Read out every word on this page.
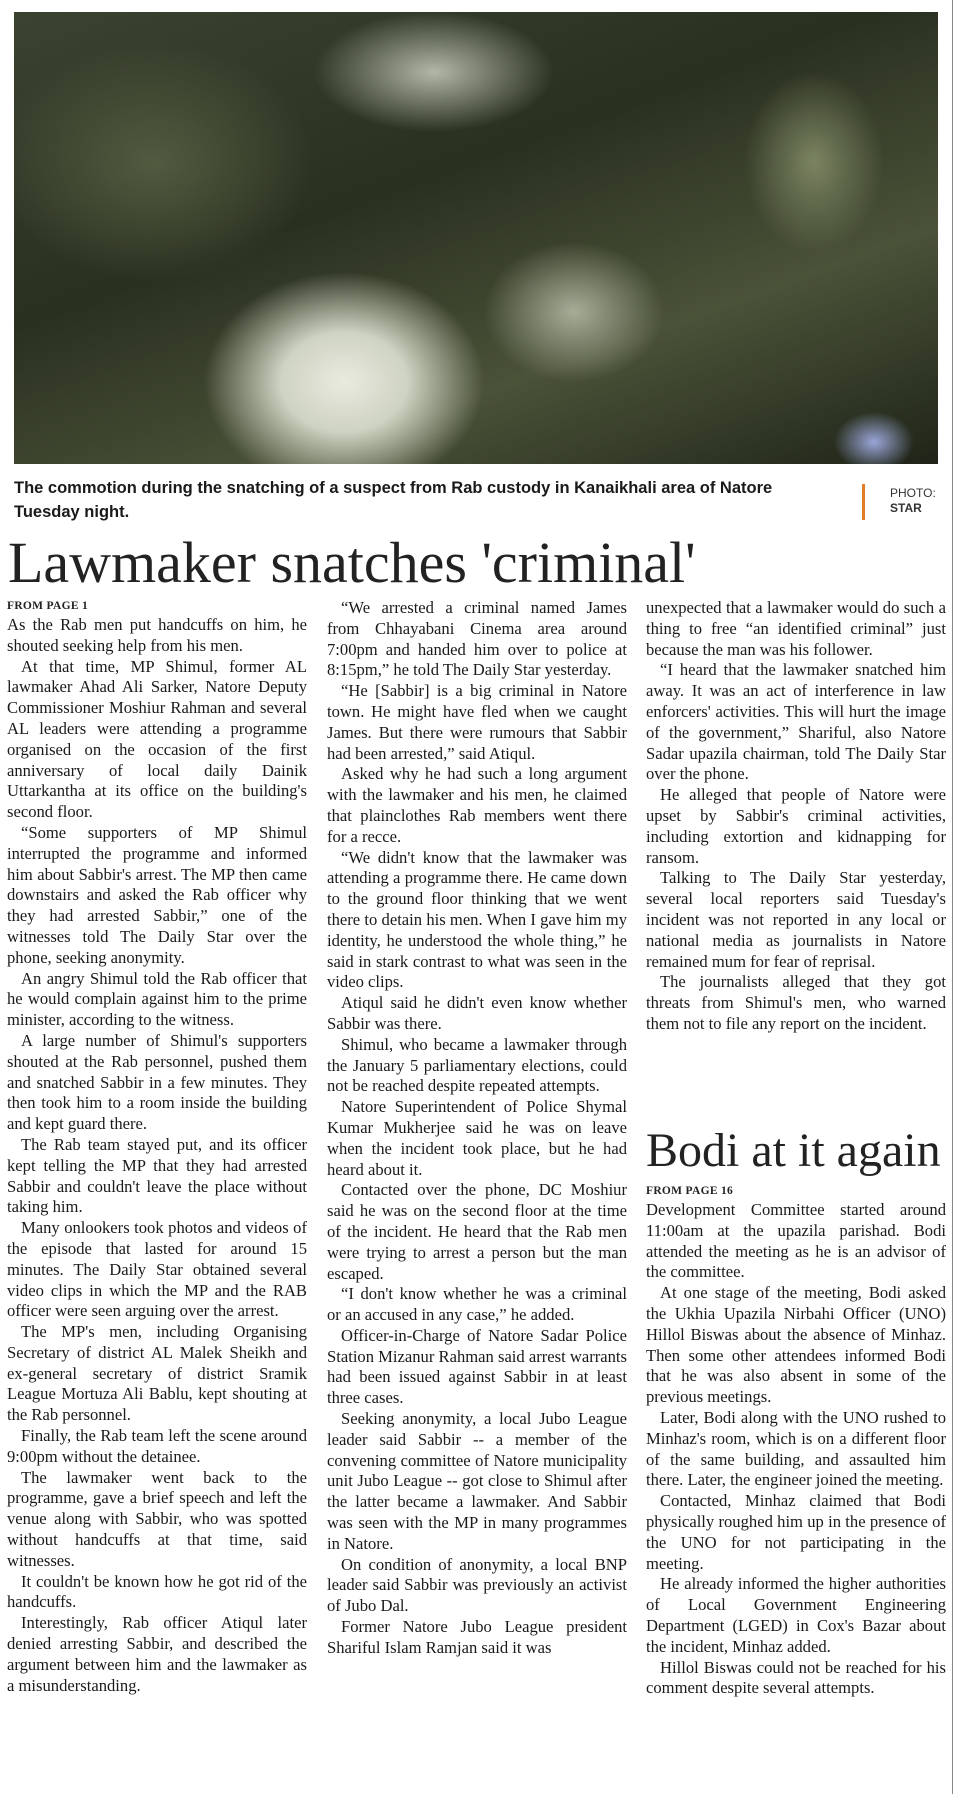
The commotion during the snatching of a suspect from Rab custody in Kanaikhali area of Natore Tuesday night.
PHOTO:
STAR
Lawmaker snatches 'criminal'
FROM PAGE 1

As the Rab men put handcuffs on him, he shouted seeking help from his men.

At that time, MP Shimul, former AL lawmaker Ahad Ali Sarker, Natore Deputy Commissioner Moshiur Rahman and several AL leaders were attending a programme organised on the occasion of the first anniversary of local daily Dainik Uttarkantha at its office on the building's second floor.

“Some supporters of MP Shimul interrupted the programme and informed him about Sabbir's arrest. The MP then came downstairs and asked the Rab officer why they had arrested Sabbir,” one of the witnesses told The Daily Star over the phone, seeking anonymity.

An angry Shimul told the Rab officer that he would complain against him to the prime minister, according to the witness.

A large number of Shimul's supporters shouted at the Rab personnel, pushed them and snatched Sabbir in a few minutes. They then took him to a room inside the building and kept guard there.

The Rab team stayed put, and its officer kept telling the MP that they had arrested Sabbir and couldn't leave the place without taking him.

Many onlookers took photos and videos of the episode that lasted for around 15 minutes. The Daily Star obtained several video clips in which the MP and the RAB officer were seen arguing over the arrest.

The MP's men, including Organising Secretary of district AL Malek Sheikh and ex-general secretary of district Sramik League Mortuza Ali Bablu, kept shouting at the Rab personnel.

Finally, the Rab team left the scene around 9:00pm without the detainee.

The lawmaker went back to the programme, gave a brief speech and left the venue along with Sabbir, who was spotted without handcuffs at that time, said witnesses.

It couldn't be known how he got rid of the handcuffs.

Interestingly, Rab officer Atiqul later denied arresting Sabbir, and described the argument between him and the lawmaker as a misunderstanding.

“We arrested a criminal named James from Chhayabani Cinema area around 7:00pm and handed him over to police at 8:15pm,” he told The Daily Star yesterday.

“He [Sabbir] is a big criminal in Natore town. He might have fled when we caught James. But there were rumours that Sabbir had been arrested,” said Atiqul.

Asked why he had such a long argument with the lawmaker and his men, he claimed that plainclothes Rab members went there for a recce.

“We didn't know that the lawmaker was attending a programme there. He came down to the ground floor thinking that we went there to detain his men. When I gave him my identity, he understood the whole thing,” he said in stark contrast to what was seen in the video clips.

Atiqul said he didn't even know whether Sabbir was there.

Shimul, who became a lawmaker through the January 5 parliamentary elections, could not be reached despite repeated attempts.

Natore Superintendent of Police Shymal Kumar Mukherjee said he was on leave when the incident took place, but he had heard about it.

Contacted over the phone, DC Moshiur said he was on the second floor at the time of the incident. He heard that the Rab men were trying to arrest a person but the man escaped.

“I don't know whether he was a criminal or an accused in any case,” he added.

Officer-in-Charge of Natore Sadar Police Station Mizanur Rahman said arrest warrants had been issued against Sabbir in at least three cases.

Seeking anonymity, a local Jubo League leader said Sabbir -- a member of the convening committee of Natore municipality unit Jubo League -- got close to Shimul after the latter became a lawmaker. And Sabbir was seen with the MP in many programmes in Natore.

On condition of anonymity, a local BNP leader said Sabbir was previously an activist of Jubo Dal.

Former Natore Jubo League president Shariful Islam Ramjan said it was

unexpected that a lawmaker would do such a thing to free “an identified criminal” just because the man was his follower.

“I heard that the lawmaker snatched him away. It was an act of interference in law enforcers' activities. This will hurt the image of the government,” Shariful, also Natore Sadar upazila chairman, told The Daily Star over the phone.

He alleged that people of Natore were upset by Sabbir's criminal activities, including extortion and kidnapping for ransom.

Talking to The Daily Star yesterday, several local reporters said Tuesday's incident was not reported in any local or national media as journalists in Natore remained mum for fear of reprisal.

The journalists alleged that they got threats from Shimul's men, who warned them not to file any report on the incident.

Bodi at it again
FROM PAGE 16

Development Committee started around 11:00am at the upazila parishad. Bodi attended the meeting as he is an advisor of the committee.

At one stage of the meeting, Bodi asked the Ukhia Upazila Nirbahi Officer (UNO) Hillol Biswas about the absence of Minhaz. Then some other attendees informed Bodi that he was also absent in some of the previous meetings.

Later, Bodi along with the UNO rushed to Minhaz's room, which is on a different floor of the same building, and assaulted him there. Later, the engineer joined the meeting.

Contacted, Minhaz claimed that Bodi physically roughed him up in the presence of the UNO for not participating in the meeting.

He already informed the higher authorities of Local Government Engineering Department (LGED) in Cox's Bazar about the incident, Minhaz added.

Hillol Biswas could not be reached for his comment despite several attempts.
